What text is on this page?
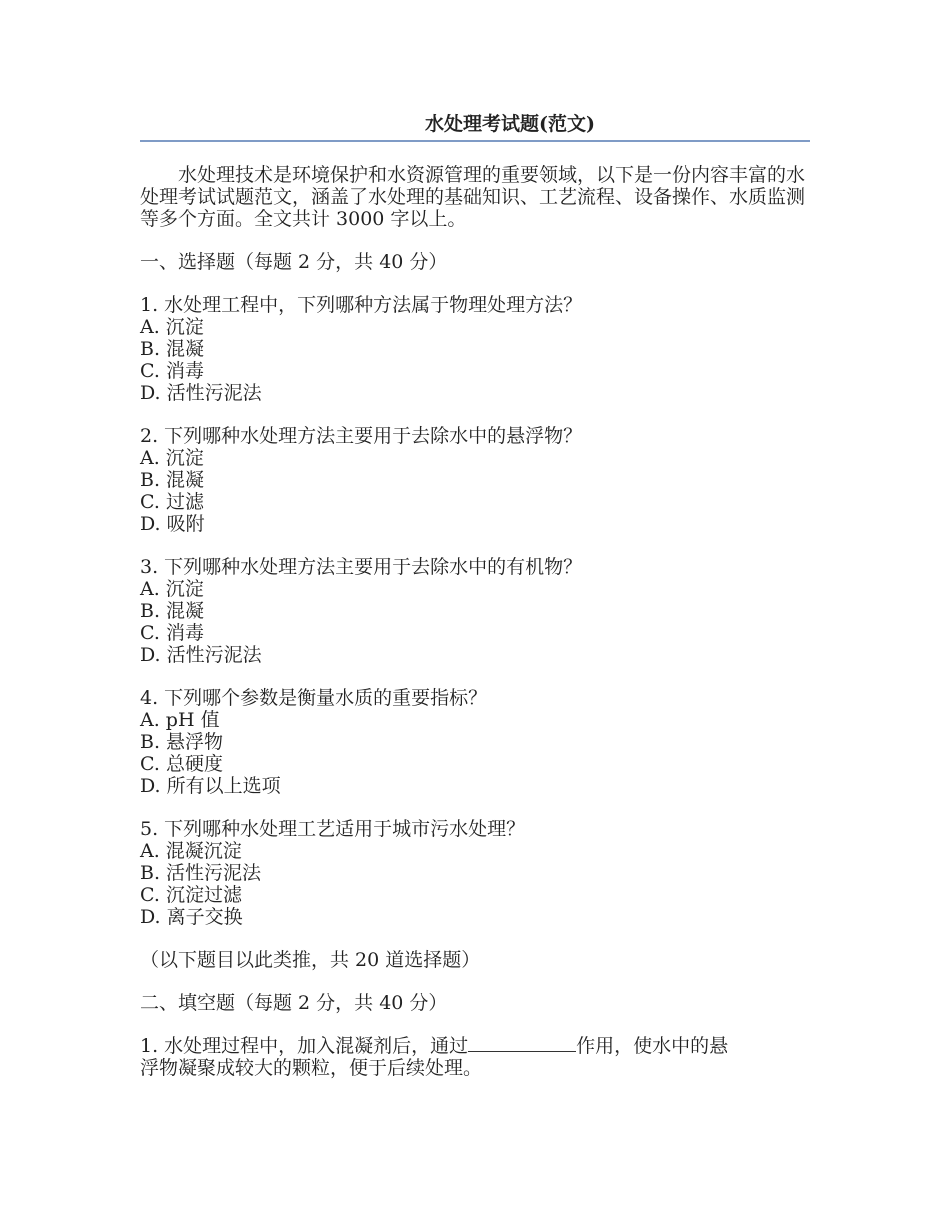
水处理考试题(范文)

水处理技术是环境保护和水资源管理的重要领域，以下是一份内容丰富的水处理考试试题范文，涵盖了水处理的基础知识、工艺流程、设备操作、水质监测等多个方面。全文共计 3000 字以上。

一、选择题（每题 2 分，共 40 分）
1. 水处理工程中，下列哪种方法属于物理处理方法？
A. 沉淀
B. 混凝
C. 消毒
D. 活性污泥法
2. 下列哪种水处理方法主要用于去除水中的悬浮物？
A. 沉淀
B. 混凝
C. 过滤
D. 吸附
3. 下列哪种水处理方法主要用于去除水中的有机物？
A. 沉淀
B. 混凝
C. 消毒
D. 活性污泥法
4. 下列哪个参数是衡量水质的重要指标？
A. pH 值
B. 悬浮物
C. 总硬度
D. 所有以上选项
5. 下列哪种水处理工艺适用于城市污水处理？
A. 混凝沉淀
B. 活性污泥法
C. 沉淀过滤
D. 离子交换
（以下题目以此类推，共 20 道选择题）
二、填空题（每题 2 分，共 40 分）
1. 水处理过程中，加入混凝剂后，通过	作用，使水中的悬
浮物凝聚成较大的颗粒，便于后续处理。
